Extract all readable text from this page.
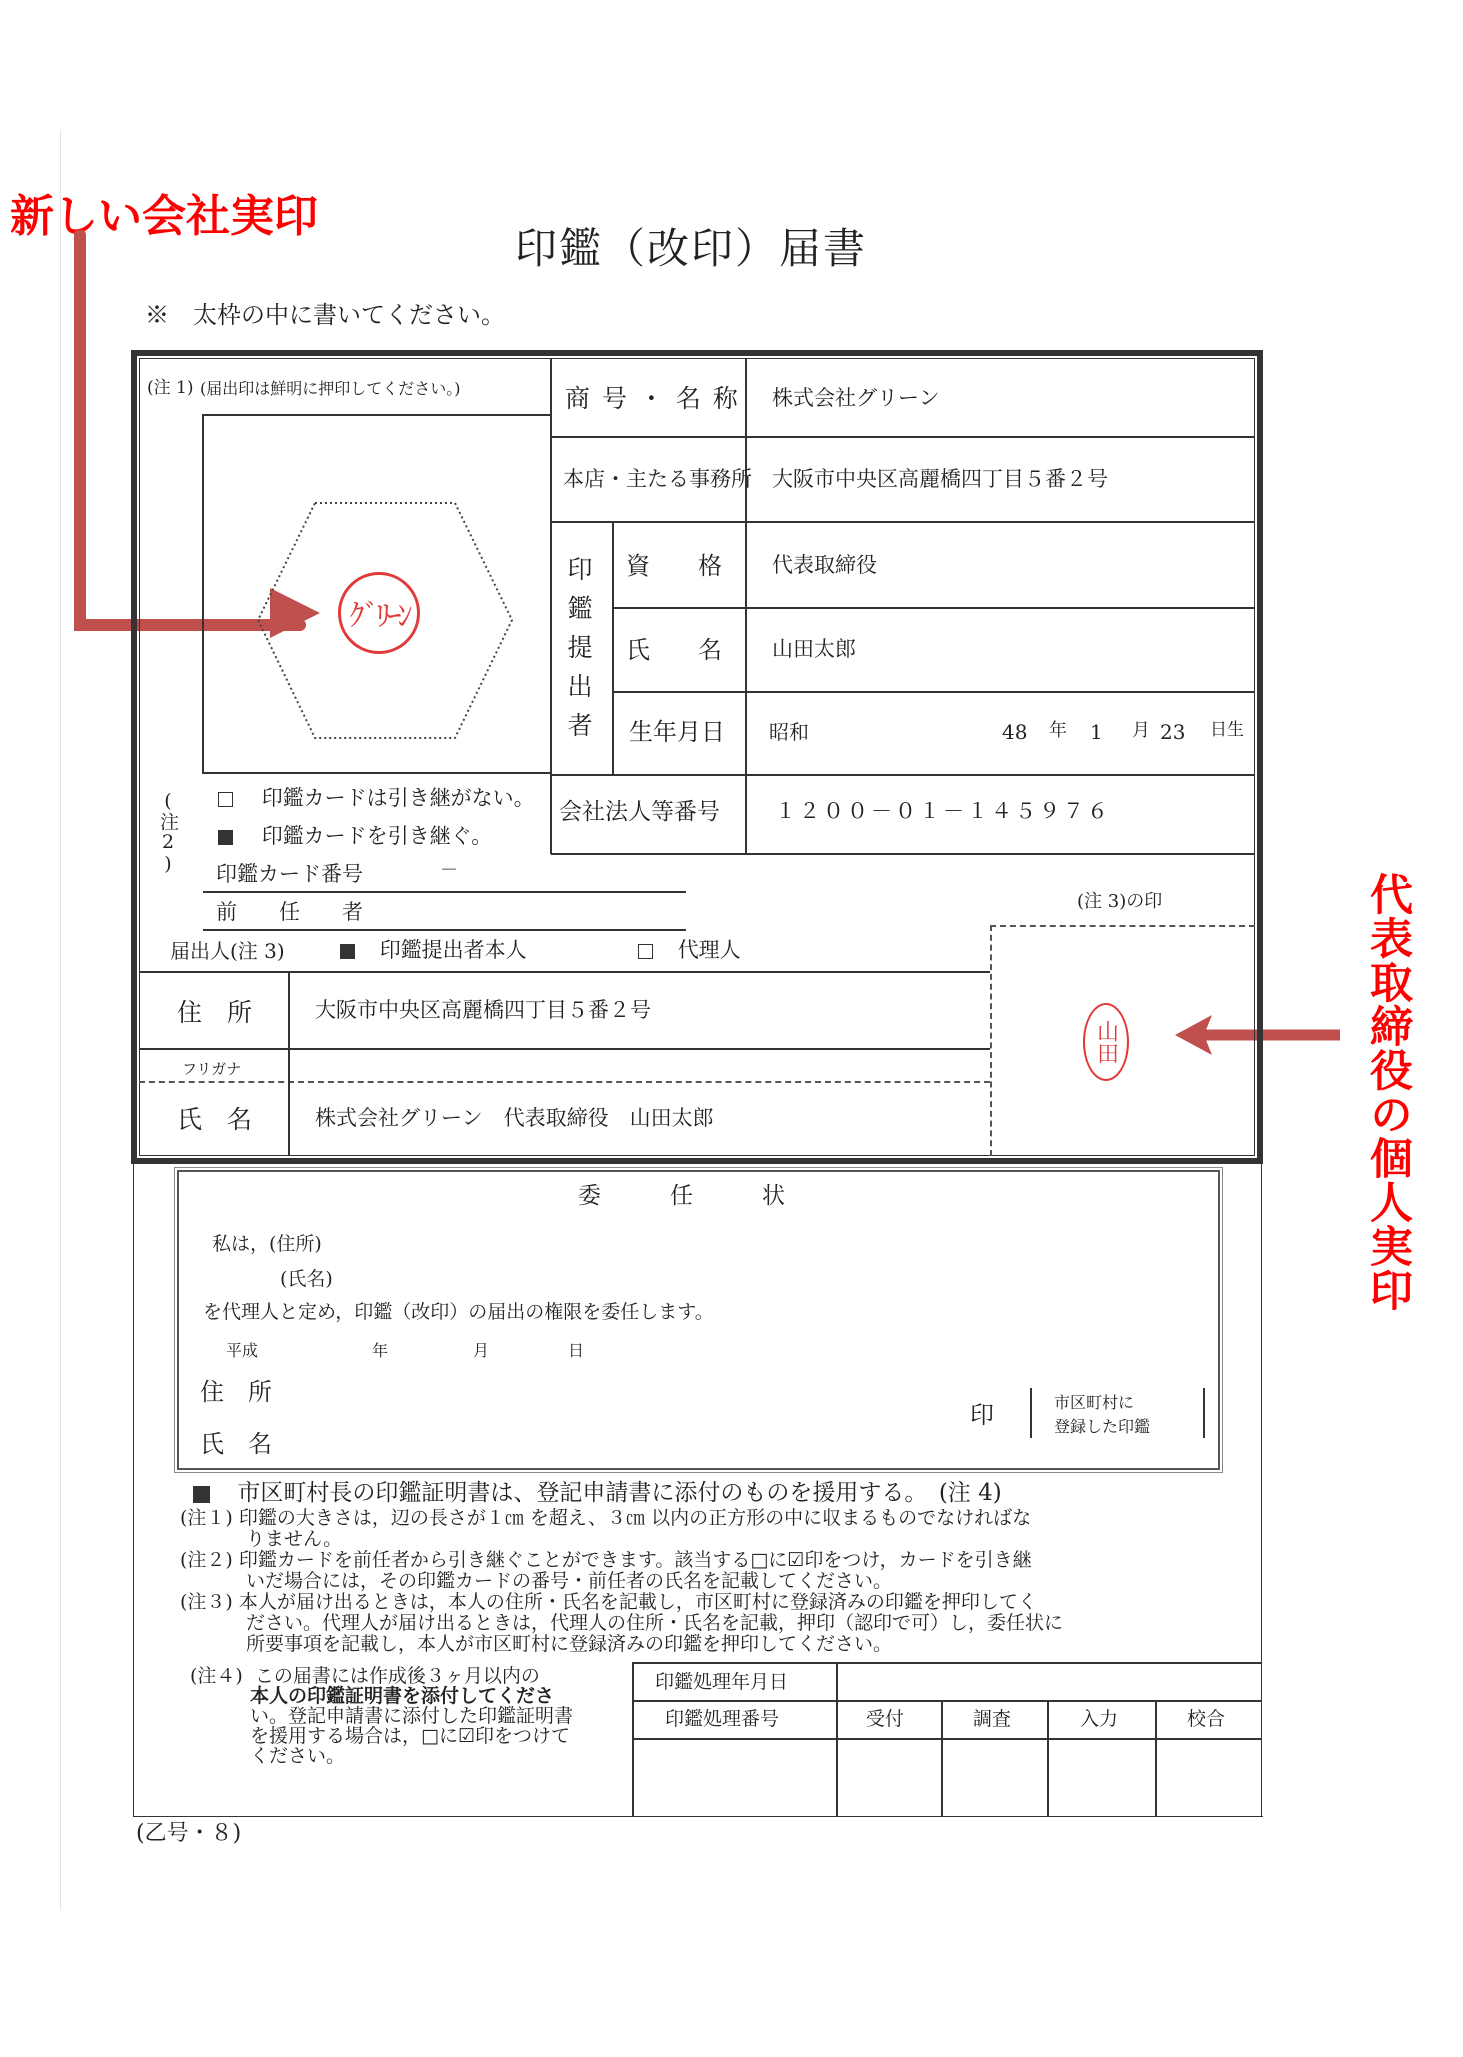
新しい会社実印
代表取締役の個人実印
印鑑（改印）届書
※　太枠の中に書いてください。
(注 1) (届出印は鮮明に押印してください。)
ｸﾞﾘｰﾝ
商 号 ・ 名 称 株式会社グリーン
本店・主たる事務所 大阪市中央区高麗橋四丁目５番２号
印鑑提出者 資　　格 代表取締役
氏　　名 山田太郎
生年月日 昭和	48 年 1 月 23 日生
会社法人等番号	１２００－０１－１４５９７６
(注2)	印鑑カードは引き継がない。
印鑑カードを引き継ぐ。
印鑑カード番号	－
前　　任　　者
届出人(注 3)	印鑑提出者本人	代理人
(注 3)の印
住　所	大阪市中央区高麗橋四丁目５番２号
フリガナ
氏　名	株式会社グリーン　代表取締役　山田太郎
山田
委　　　任　　　状
私は，(住所)
(氏名)
を代理人と定め，印鑑（改印）の届出の権限を委任します。
平成	年	月	日
住　所
氏　名
印	市区町村に
登録した印鑑
市区町村長の印鑑証明書は、登記申請書に添付のものを援用する。　(注 4)
(注１) 印鑑の大きさは，辺の長さが１㎝ を超え、３㎝ 以内の正方形の中に収まるものでなければな
りません。
(注２) 印鑑カードを前任者から引き継ぐことができます。該当する□に☑印をつけ，カードを引き継
いだ場合には，その印鑑カードの番号・前任者の氏名を記載してください。
(注３) 本人が届け出るときは，本人の住所・氏名を記載し，市区町村に登録済みの印鑑を押印してく
ださい。代理人が届け出るときは，代理人の住所・氏名を記載，押印（認印で可）し，委任状に
所要事項を記載し，本人が市区町村に登録済みの印鑑を押印してください。
(注４) この届書には作成後３ヶ月以内の
本人の印鑑証明書を添付してくださ
い。登記申請書に添付した印鑑証明書
を援用する場合は，□に☑印をつけて
ください。
印鑑処理年月日
印鑑処理番号	受付	調査	入力	校合
(乙号・８)
